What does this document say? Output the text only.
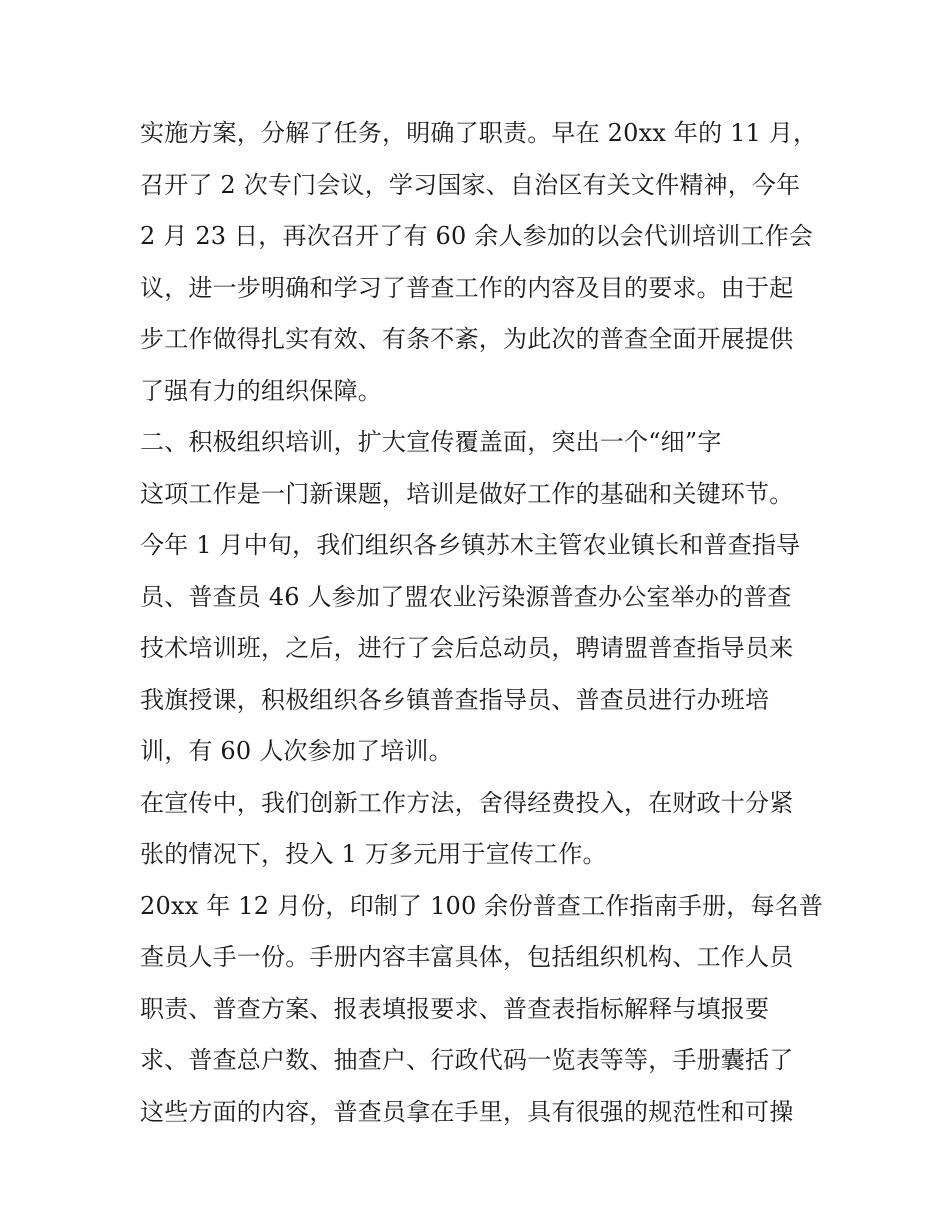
实施方案，分解了任务，明确了职责。早在 20xx 年的 11 月，
召开了 2 次专门会议，学习国家、自治区有关文件精神，今年
2 月 23 日，再次召开了有 60 余人参加的以会代训培训工作会
议，进一步明确和学习了普查工作的内容及目的要求。由于起
步工作做得扎实有效、有条不紊，为此次的普查全面开展提供
了强有力的组织保障。
二、积极组织培训，扩大宣传覆盖面，突出一个“细”字
这项工作是一门新课题，培训是做好工作的基础和关键环节。
今年 1 月中旬，我们组织各乡镇苏木主管农业镇长和普查指导
员、普查员 46 人参加了盟农业污染源普查办公室举办的普查
技术培训班，之后，进行了会后总动员，聘请盟普查指导员来
我旗授课，积极组织各乡镇普查指导员、普查员进行办班培
训，有 60 人次参加了培训。
在宣传中，我们创新工作方法，舍得经费投入，在财政十分紧
张的情况下，投入 1 万多元用于宣传工作。
20xx 年 12 月份，印制了 100 余份普查工作指南手册，每名普
查员人手一份。手册内容丰富具体，包括组织机构、工作人员
职责、普查方案、报表填报要求、普查表指标解释与填报要
求、普查总户数、抽查户、行政代码一览表等等，手册囊括了
这些方面的内容，普查员拿在手里，具有很强的规范性和可操
